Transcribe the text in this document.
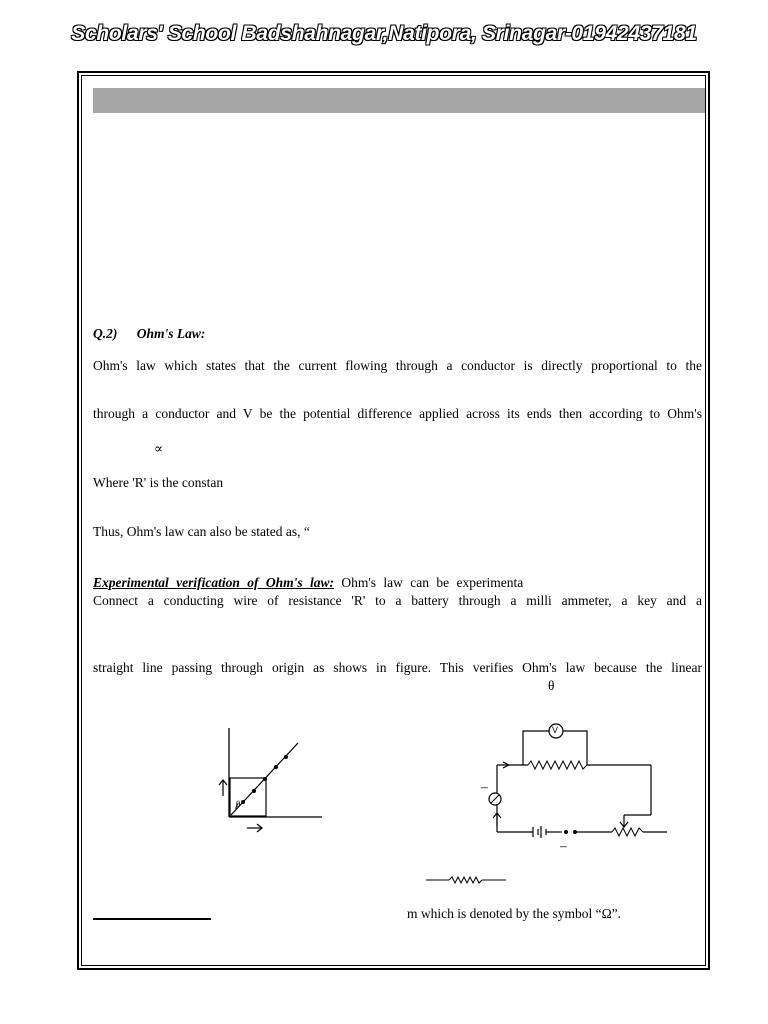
Scholars' School Badshahnagar,Natipora, Srinagar-01942437181
Q.2) Ohm's Law:
Ohm's law which states that the current flowing through a conductor is directly proportional to the
through a conductor and V be the potential difference applied across its ends then according to Ohm's
∝
Where 'R' is the constan
Thus, Ohm's law can also be stated as, “
Experimental verification of Ohm's law: Ohm's law can be experimenta
Connect a conducting wire of resistance 'R' to a battery through a milli ammeter, a key and a
straight line passing through origin as shows in figure. This verifies Ohm's law because the linear
θ
θ
V
–
–
m which is denoted by the symbol “Ω”.
